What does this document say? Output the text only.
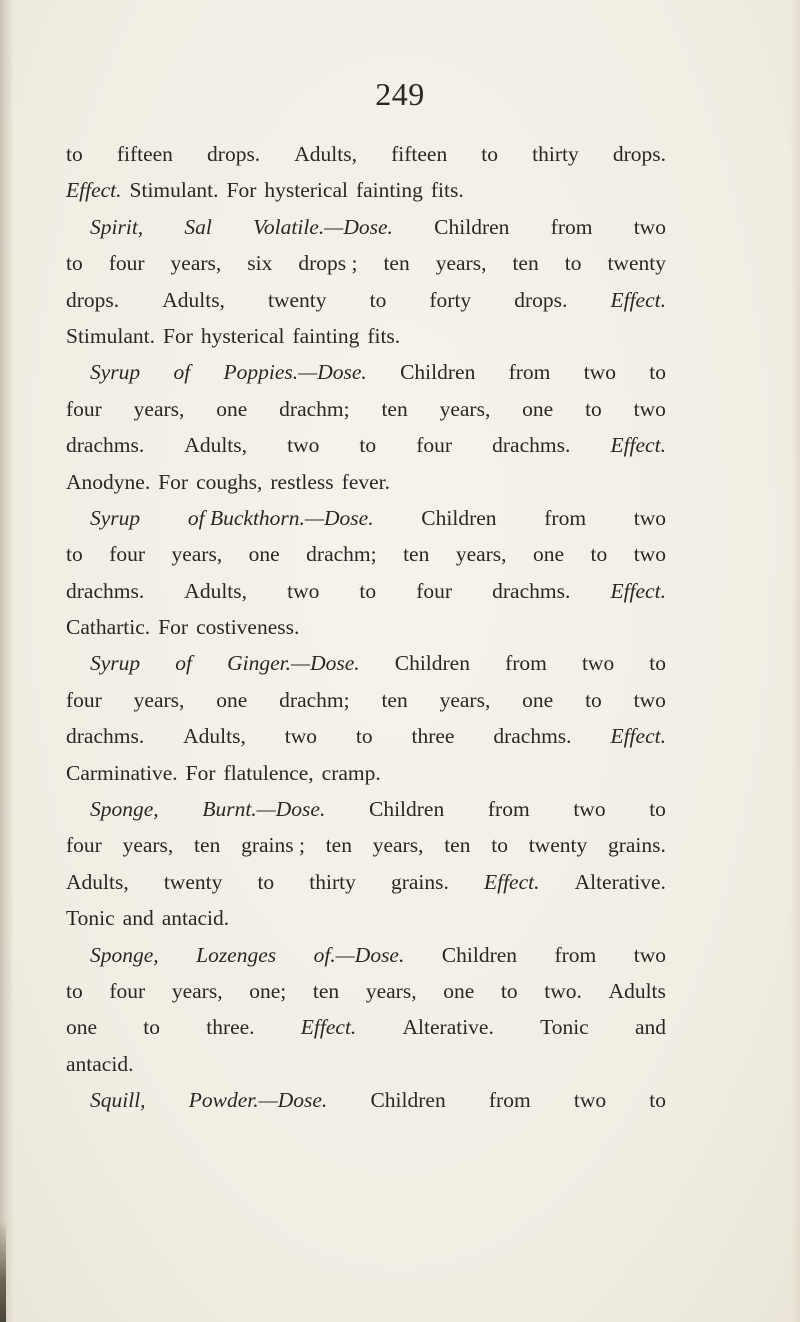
249
to fifteen drops. Adults, fifteen to thirty drops.
Effect. Stimulant. For hysterical fainting fits.
Spirit, Sal Volatile.—Dose. Children from two
to four years, six drops ; ten years, ten to twenty
drops. Adults, twenty to forty drops. Effect.
Stimulant. For hysterical fainting fits.
Syrup of Poppies.—Dose. Children from two to
four years, one drachm; ten years, one to two
drachms. Adults, two to four drachms. Effect.
Anodyne. For coughs, restless fever.
Syrup of Buckthorn.—Dose. Children from two
to four years, one drachm; ten years, one to two
drachms. Adults, two to four drachms. Effect.
Cathartic. For costiveness.
Syrup of Ginger.—Dose. Children from two to
four years, one drachm; ten years, one to two
drachms. Adults, two to three drachms. Effect.
Carminative. For flatulence, cramp.
Sponge, Burnt.—Dose. Children from two to
four years, ten grains ; ten years, ten to twenty grains.
Adults, twenty to thirty grains. Effect. Alterative.
Tonic and antacid.
Sponge, Lozenges of.—Dose. Children from two
to four years, one; ten years, one to two. Adults
one to three. Effect. Alterative. Tonic and
antacid.
Squill, Powder.—Dose. Children from two to
